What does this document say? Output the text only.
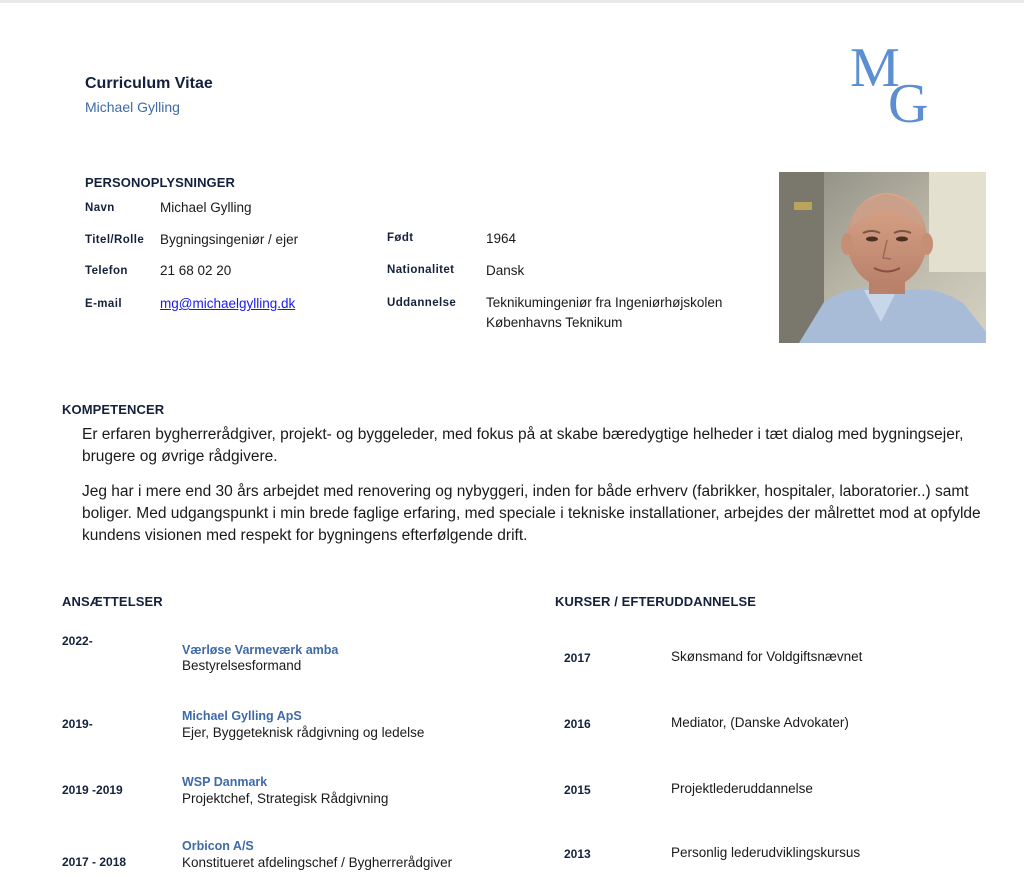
Curriculum Vitae
Michael Gylling
M
G
PERSONOPLYSNINGER
Navn	Michael Gylling
Titel/Rolle Bygningsingeniør / ejer	Født	1964
Telefon 21 68 02 20	Nationalitet Dansk
E-mail	mg@michaelgylling.dk	Uddannelse Teknikumingeniør fra Ingeniørhøjskolen
Københavns Teknikum
KOMPETENCER
Er erfaren bygherrerådgiver, projekt- og byggeleder, med fokus på at skabe bæredygtige helheder i tæt dialog med bygningsejer, brugere og øvrige rådgivere.
Jeg har i mere end 30 års arbejdet med renovering og nybyggeri, inden for både erhverv (fabrikker, hospitaler, laboratorier..) samt boliger. Med udgangspunkt i min brede faglige erfaring, med speciale i tekniske installationer, arbejdes der målrettet mod at opfylde kundens visionen med respekt for bygningens efterfølgende drift.
ANSÆTTELSER
2022-
Værløse Varmeværk amba
Bestyrelsesformand
2019-
Michael Gylling ApS
Ejer, Byggeteknisk rådgivning og ledelse
2019 -2019
WSP Danmark
Projektchef, Strategisk Rådgivning
2017 - 2018
Orbicon A/S
Konstitueret afdelingschef / Bygherrerådgiver
KURSER / EFTERUDDANNELSE
2017	Skønsmand for Voldgiftsnævnet
2016	Mediator, (Danske Advokater)
2015	Projektlederuddannelse
2013	Personlig lederudviklingskursus
